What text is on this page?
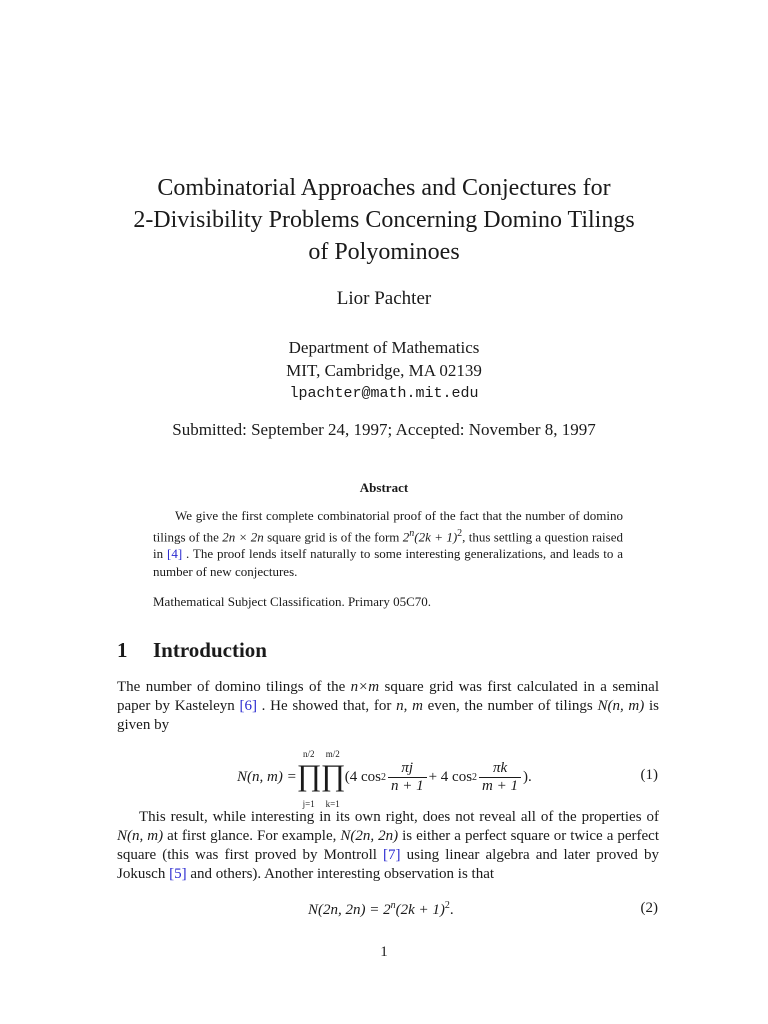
Combinatorial Approaches and Conjectures for
2-Divisibility Problems Concerning Domino Tilings
of Polyominoes
Lior Pachter
Department of Mathematics
MIT, Cambridge, MA 02139
lpachter@math.mit.edu
Submitted: September 24, 1997; Accepted: November 8, 1997
Abstract
We give the first complete combinatorial proof of the fact that the number of domino tilings of the 2n × 2n square grid is of the form $2^n(2k + 1)^2$, thus settling a question raised in [4] . The proof lends itself naturally to some interesting generalizations, and leads to a number of new conjectures.
Mathematical Subject Classification. Primary 05C70.
1 Introduction
The number of domino tilings of the n×m square grid was first calculated in a seminal paper by Kasteleyn [6] . He showed that, for n, m even, the number of tilings N(n, m) is given by
N(n, m) =
n/2
∏
j=1
m/2
∏
k=1
(4 $\cos 2 \frac{\pi j}{n + 1} + 4$ $\cos 2 \frac{\pi k}{m + 1}$ ).	(1)
This result, while interesting in its own right, does not reveal all of the properties of N(n, m) at first glance. For example, N(2n, 2n) is either a perfect square or twice a perfect square (this was first proved by Montroll [7] using linear algebra and later proved by Jokusch [5] and others). Another interesting observation is that
N(2n, $2n) = 2^n(2k + 1)^2$.	(2)
1
